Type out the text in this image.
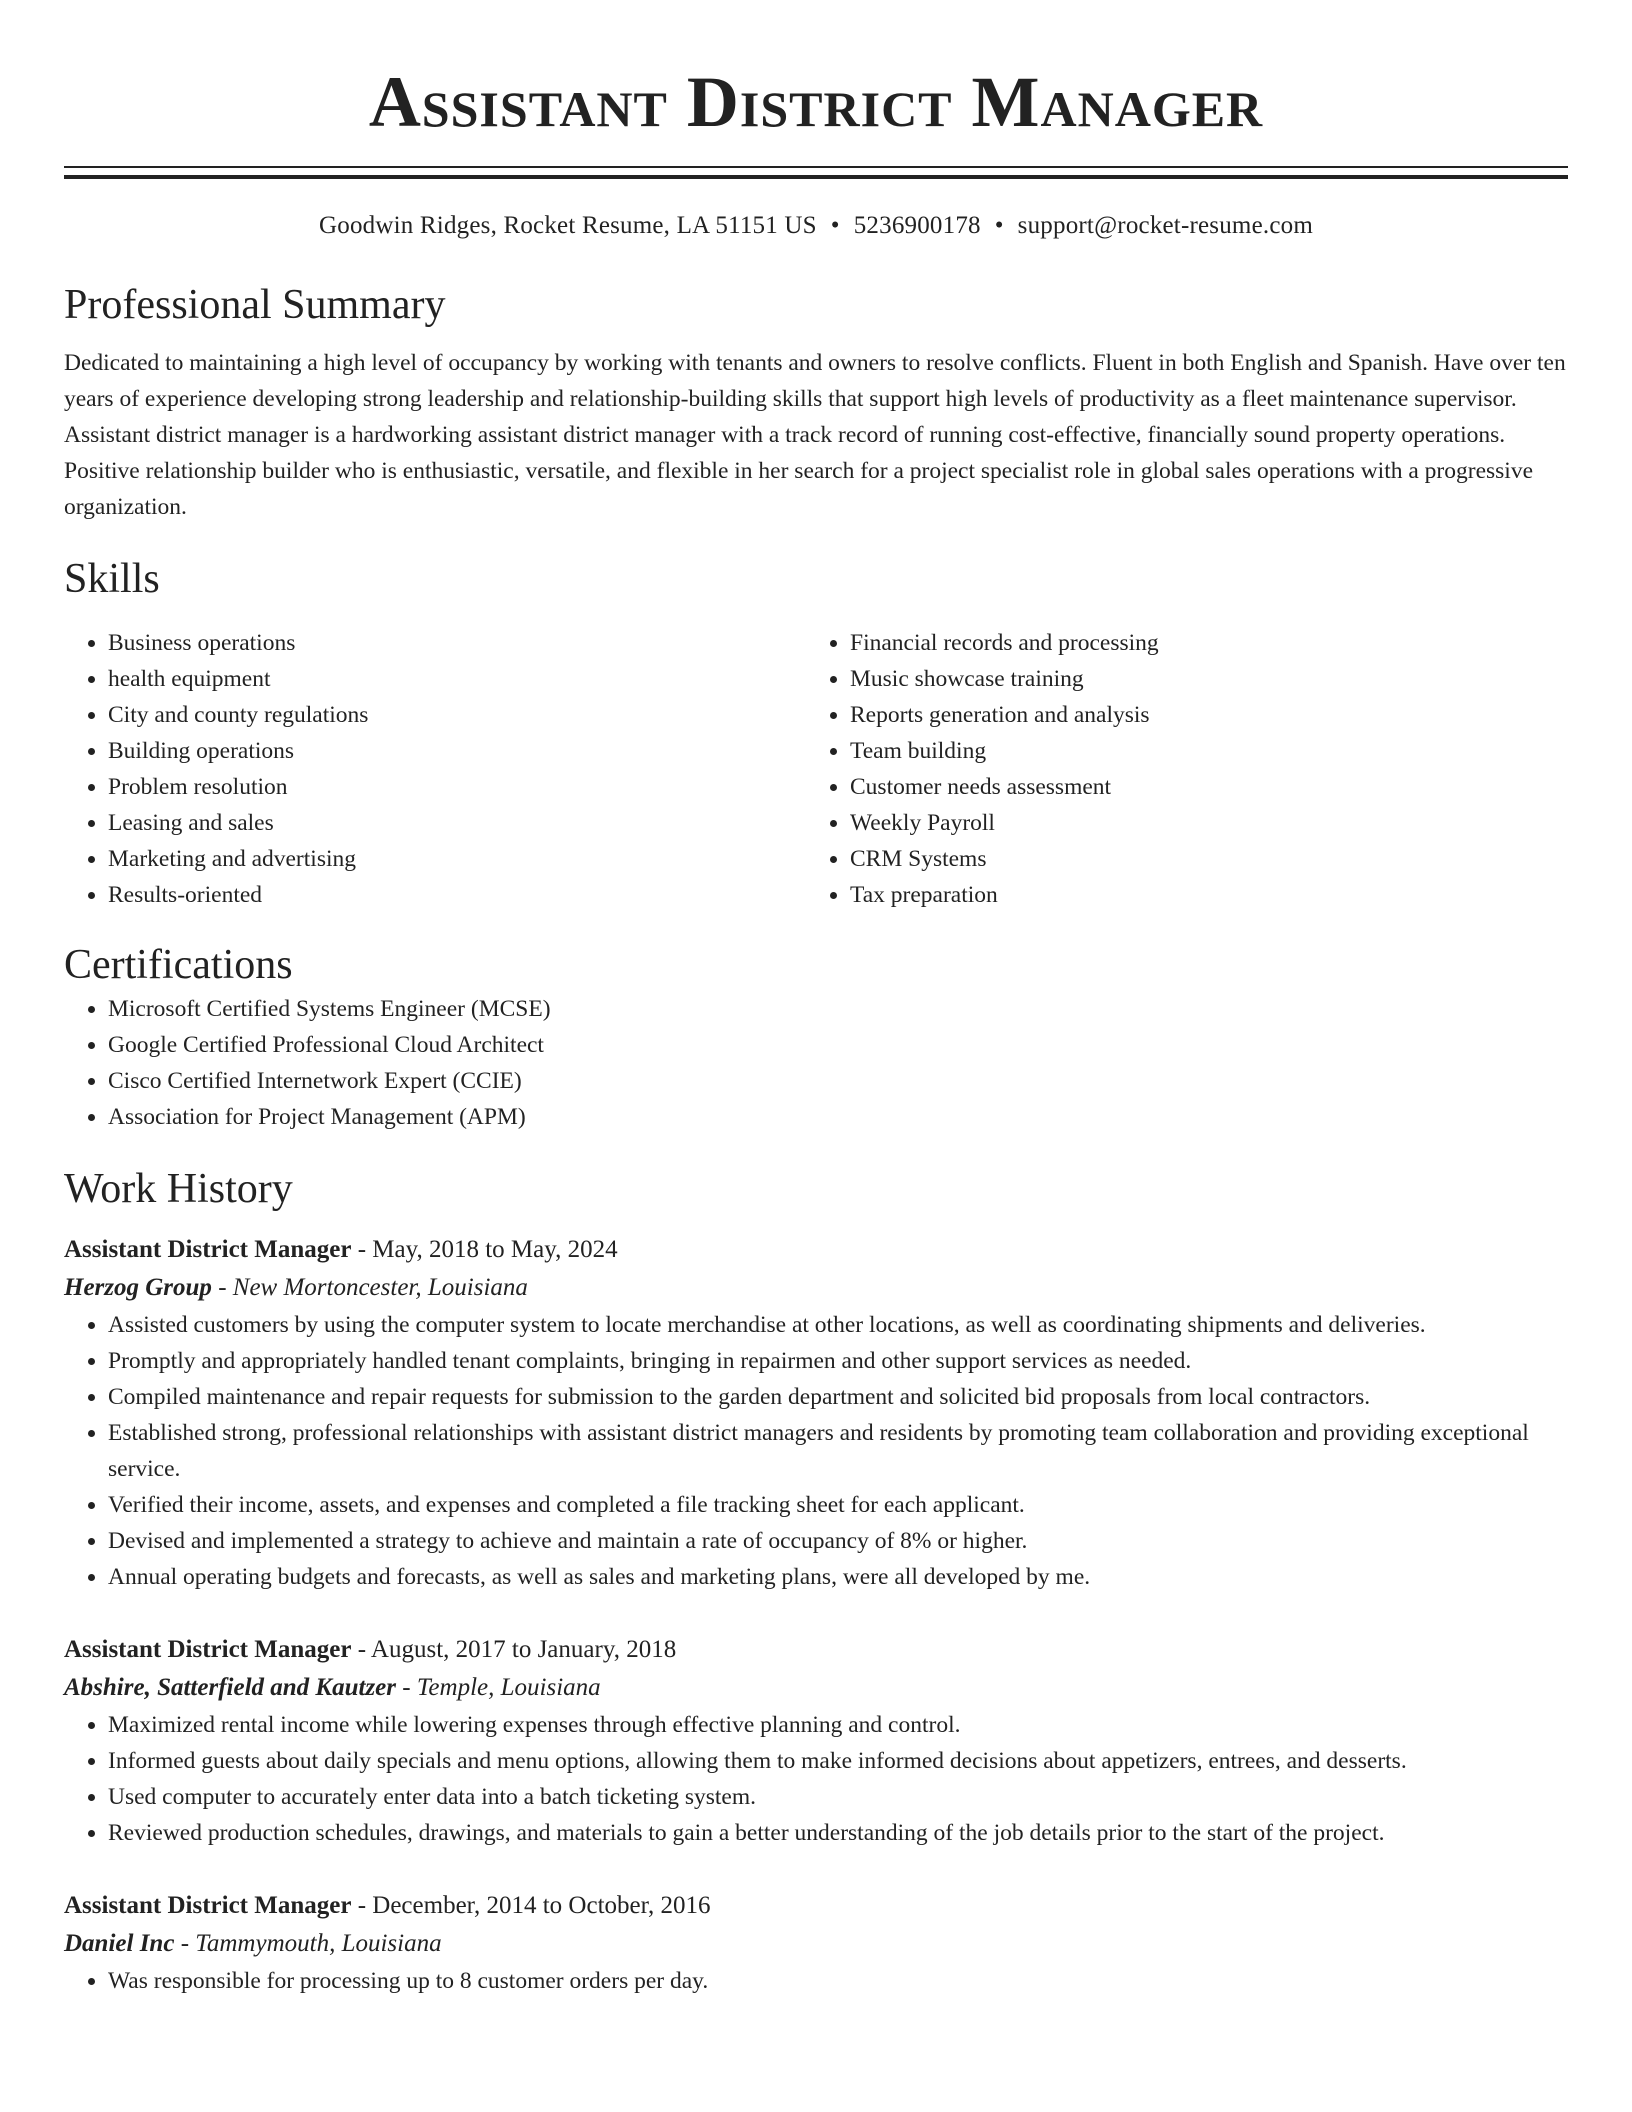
Assistant District Manager
Goodwin Ridges, Rocket Resume, LA 51151 US • 5236900178 • support@rocket-resume.com
Professional Summary

Dedicated to maintaining a high level of occupancy by working with tenants and owners to resolve conflicts. Fluent in both English and Spanish. Have over ten years of experience developing strong leadership and relationship-building skills that support high levels of productivity as a fleet maintenance supervisor. Assistant district manager is a hardworking assistant district manager with a track record of running cost-effective, financially sound property operations. Positive relationship builder who is enthusiastic, versatile, and flexible in her search for a project specialist role in global sales operations with a progressive organization.

Skills
• Business operations
• health equipment
• City and county regulations
• Building operations
• Problem resolution
• Leasing and sales
• Marketing and advertising
• Results-oriented
• Financial records and processing
• Music showcase training
• Reports generation and analysis
• Team building
• Customer needs assessment
• Weekly Payroll
• CRM Systems
• Tax preparation
Certifications
• Microsoft Certified Systems Engineer (MCSE)
• Google Certified Professional Cloud Architect
• Cisco Certified Internetwork Expert (CCIE)
• Association for Project Management (APM)
Work History
Assistant District Manager - May, 2018 to May, 2024
Herzog Group - New Mortoncester, Louisiana
• Assisted customers by using the computer system to locate merchandise at other locations, as well as coordinating shipments and deliveries.
• Promptly and appropriately handled tenant complaints, bringing in repairmen and other support services as needed.
• Compiled maintenance and repair requests for submission to the garden department and solicited bid proposals from local contractors.
• Established strong, professional relationships with assistant district managers and residents by promoting team collaboration and providing exceptional service.
• Verified their income, assets, and expenses and completed a file tracking sheet for each applicant.
• Devised and implemented a strategy to achieve and maintain a rate of occupancy of 8% or higher.
• Annual operating budgets and forecasts, as well as sales and marketing plans, were all developed by me.
Assistant District Manager - August, 2017 to January, 2018
Abshire, Satterfield and Kautzer - Temple, Louisiana
• Maximized rental income while lowering expenses through effective planning and control.
• Informed guests about daily specials and menu options, allowing them to make informed decisions about appetizers, entrees, and desserts.
• Used computer to accurately enter data into a batch ticketing system.
• Reviewed production schedules, drawings, and materials to gain a better understanding of the job details prior to the start of the project.
Assistant District Manager - December, 2014 to October, 2016
Daniel Inc - Tammymouth, Louisiana
• Was responsible for processing up to 8 customer orders per day.
